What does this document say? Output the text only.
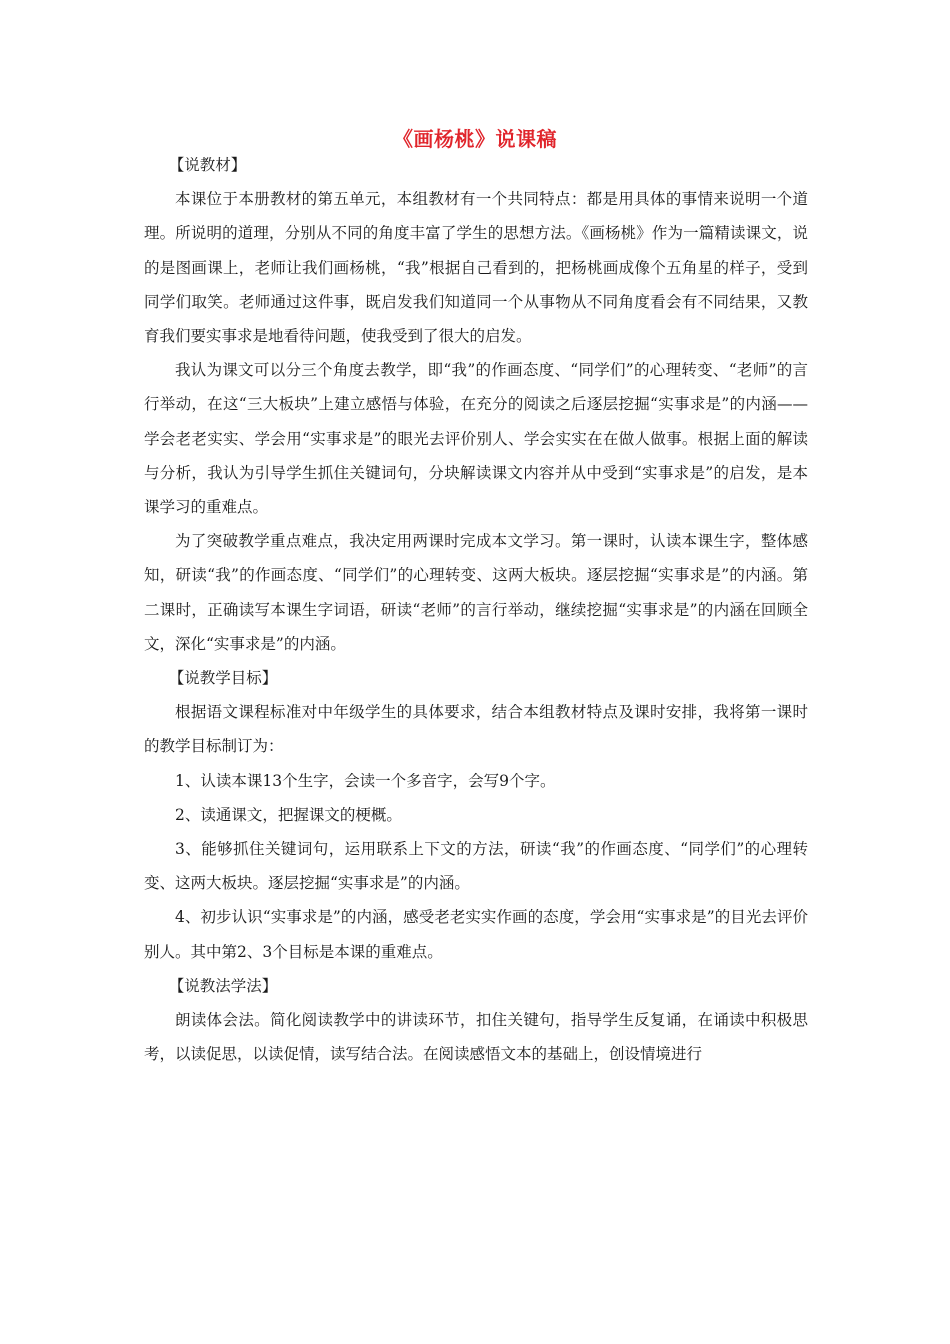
《画杨桃》说课稿

【说教材】

本课位于本册教材的第五单元，本组教材有一个共同特点：都是用具体的事情来说明一个道理。所说明的道理，分别从不同的角度丰富了学生的思想方法。《画杨桃》作为一篇精读课文，说的是图画课上，老师让我们画杨桃，“我”根据自己看到的，把杨桃画成像个五角星的样子，受到同学们取笑。老师通过这件事，既启发我们知道同一个从事物从不同角度看会有不同结果，又教育我们要实事求是地看待问题，使我受到了很大的启发。

我认为课文可以分三个角度去教学，即“我”的作画态度、“同学们”的心理转变、“老师”的言行举动，在这“三大板块”上建立感悟与体验，在充分的阅读之后逐层挖掘“实事求是”的内涵——学会老老实实、学会用“实事求是”的眼光去评价别人、学会实实在在做人做事。根据上面的解读与分析，我认为引导学生抓住关键词句，分块解读课文内容并从中受到“实事求是”的启发，是本课学习的重难点。

为了突破教学重点难点，我决定用两课时完成本文学习。第一课时，认读本课生字，整体感知，研读“我”的作画态度、“同学们”的心理转变、这两大板块。逐层挖掘“实事求是”的内涵。第二课时，正确读写本课生字词语，研读“老师”的言行举动，继续挖掘“实事求是”的内涵在回顾全文，深化“实事求是”的内涵。

【说教学目标】

根据语文课程标准对中年级学生的具体要求，结合本组教材特点及课时安排，我将第一课时的教学目标制订为：

1、认读本课13个生字，会读一个多音字，会写9个字。

2、读通课文，把握课文的梗概。

3、能够抓住关键词句，运用联系上下文的方法，研读“我”的作画态度、“同学们”的心理转变、这两大板块。逐层挖掘“实事求是”的内涵。

4、初步认识“实事求是”的内涵，感受老老实实作画的态度，学会用“实事求是”的目光去评价别人。其中第2、3个目标是本课的重难点。

【说教法学法】

朗读体会法。简化阅读教学中的讲读环节，扣住关键句，指导学生反复诵，在诵读中积极思考，以读促思，以读促情，读写结合法。在阅读感悟文本的基础上，创设情境进行
